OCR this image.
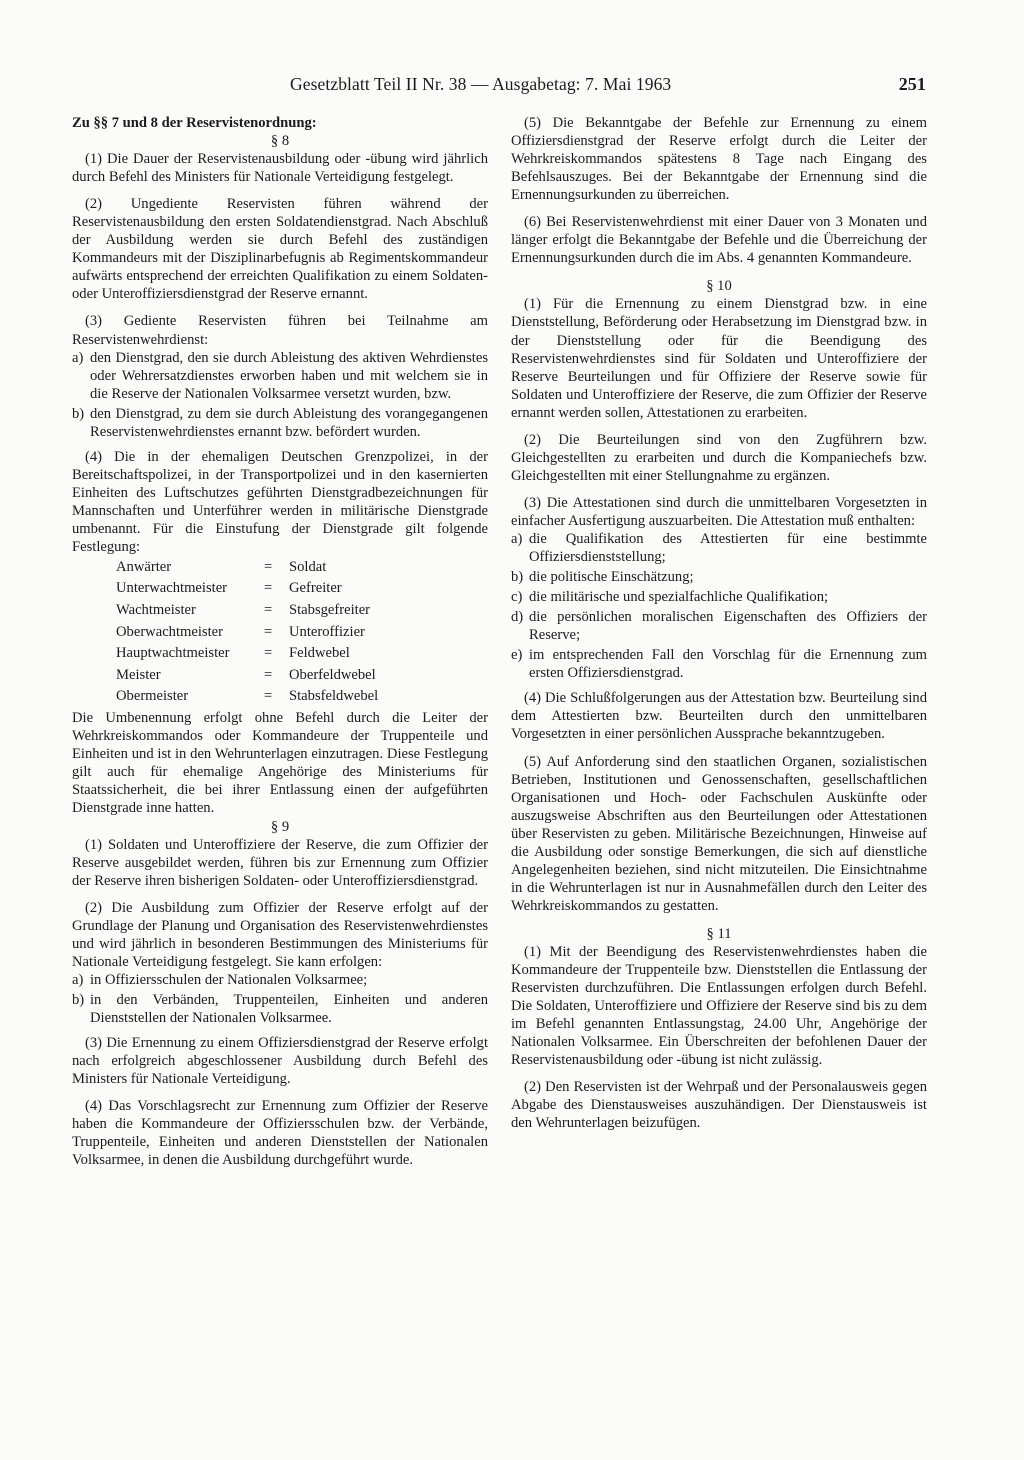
Gesetzblatt Teil II Nr. 38 — Ausgabetag: 7. Mai 1963	251
Zu §§ 7 und 8 der Reservistenordnung:
§ 8

(1) Die Dauer der Reservistenausbildung oder -übung wird jährlich durch Befehl des Ministers für Nationale Verteidigung festgelegt.

(2) Ungediente Reservisten führen während der Reservistenausbildung den ersten Soldatendienstgrad. Nach Abschluß der Ausbildung werden sie durch Befehl des zuständigen Kommandeurs mit der Disziplinarbefugnis ab Regimentskommandeur aufwärts entsprechend der erreichten Qualifikation zu einem Soldaten- oder Unteroffiziersdienstgrad der Reserve ernannt.

(3) Gediente Reservisten führen bei Teilnahme am Reservistenwehrdienst:

a) den Dienstgrad, den sie durch Ableistung des aktiven Wehrdienstes oder Wehrersatzdienstes erworben haben und mit welchem sie in die Reserve der Nationalen Volksarmee versetzt wurden, bzw.
b) den Dienstgrad, zu dem sie durch Ableistung des vorangegangenen Reservistenwehrdienstes ernannt bzw. befördert wurden.

(4) Die in der ehemaligen Deutschen Grenzpolizei, in der Bereitschaftspolizei, in der Transportpolizei und in den kasernierten Einheiten des Luftschutzes geführten Dienstgradbezeichnungen für Mannschaften und Unterführer werden in militärische Dienstgrade umbenannt. Für die Einstufung der Dienstgrade gilt folgende Festlegung:

Anwärter	=	Soldat
Unterwachtmeister	=	Gefreiter
Wachtmeister	=	Stabsgefreiter
Oberwachtmeister	=	Unteroffizier
Hauptwachtmeister	=	Feldwebel
Meister	=	Oberfeldwebel
Obermeister	=	Stabsfeldwebel

Die Umbenennung erfolgt ohne Befehl durch die Leiter der Wehrkreiskommandos oder Kommandeure der Truppenteile und Einheiten und ist in den Wehrunterlagen einzutragen. Diese Festlegung gilt auch für ehemalige Angehörige des Ministeriums für Staatssicherheit, die bei ihrer Entlassung einen der aufgeführten Dienstgrade inne hatten.

§ 9

(1) Soldaten und Unteroffiziere der Reserve, die zum Offizier der Reserve ausgebildet werden, führen bis zur Ernennung zum Offizier der Reserve ihren bisherigen Soldaten- oder Unteroffiziersdienstgrad.

(2) Die Ausbildung zum Offizier der Reserve erfolgt auf der Grundlage der Planung und Organisation des Reservistenwehrdienstes und wird jährlich in besonderen Bestimmungen des Ministeriums für Nationale Verteidigung festgelegt. Sie kann erfolgen:

a) in Offiziersschulen der Nationalen Volksarmee;
b) in den Verbänden, Truppenteilen, Einheiten und anderen Dienststellen der Nationalen Volksarmee.

(3) Die Ernennung zu einem Offiziersdienstgrad der Reserve erfolgt nach erfolgreich abgeschlossener Ausbildung durch Befehl des Ministers für Nationale Verteidigung.

(4) Das Vorschlagsrecht zur Ernennung zum Offizier der Reserve haben die Kommandeure der Offiziersschulen bzw. der Verbände, Truppenteile, Einheiten und anderen Dienststellen der Nationalen Volksarmee, in denen die Ausbildung durchgeführt wurde.

(5) Die Bekanntgabe der Befehle zur Ernennung zu einem Offiziersdienstgrad der Reserve erfolgt durch die Leiter der Wehrkreiskommandos spätestens 8 Tage nach Eingang des Befehlsauszuges. Bei der Bekanntgabe der Ernennung sind die Ernennungsurkunden zu überreichen.

(6) Bei Reservistenwehrdienst mit einer Dauer von 3 Monaten und länger erfolgt die Bekanntgabe der Befehle und die Überreichung der Ernennungsurkunden durch die im Abs. 4 genannten Kommandeure.

§ 10

(1) Für die Ernennung zu einem Dienstgrad bzw. in eine Dienststellung, Beförderung oder Herabsetzung im Dienstgrad bzw. in der Dienststellung oder für die Beendigung des Reservistenwehrdienstes sind für Soldaten und Unteroffiziere der Reserve Beurteilungen und für Offiziere der Reserve sowie für Soldaten und Unteroffiziere der Reserve, die zum Offizier der Reserve ernannt werden sollen, Attestationen zu erarbeiten.

(2) Die Beurteilungen sind von den Zugführern bzw. Gleichgestellten zu erarbeiten und durch die Kompaniechefs bzw. Gleichgestellten mit einer Stellungnahme zu ergänzen.

(3) Die Attestationen sind durch die unmittelbaren Vorgesetzten in einfacher Ausfertigung auszuarbeiten. Die Attestation muß enthalten:

a) die Qualifikation des Attestierten für eine bestimmte Offiziersdienststellung;
b) die politische Einschätzung;
c) die militärische und spezialfachliche Qualifikation;
d) die persönlichen moralischen Eigenschaften des Offiziers der Reserve;
e) im entsprechenden Fall den Vorschlag für die Ernennung zum ersten Offiziersdienstgrad.

(4) Die Schlußfolgerungen aus der Attestation bzw. Beurteilung sind dem Attestierten bzw. Beurteilten durch den unmittelbaren Vorgesetzten in einer persönlichen Aussprache bekanntzugeben.

(5) Auf Anforderung sind den staatlichen Organen, sozialistischen Betrieben, Institutionen und Genossenschaften, gesellschaftlichen Organisationen und Hoch- oder Fachschulen Auskünfte oder auszugsweise Abschriften aus den Beurteilungen oder Attestationen über Reservisten zu geben. Militärische Bezeichnungen, Hinweise auf die Ausbildung oder sonstige Bemerkungen, die sich auf dienstliche Angelegenheiten beziehen, sind nicht mitzuteilen. Die Einsichtnahme in die Wehrunterlagen ist nur in Ausnahmefällen durch den Leiter des Wehrkreiskommandos zu gestatten.

§ 11

(1) Mit der Beendigung des Reservistenwehrdienstes haben die Kommandeure der Truppenteile bzw. Dienststellen die Entlassung der Reservisten durchzuführen. Die Entlassungen erfolgen durch Befehl. Die Soldaten, Unteroffiziere und Offiziere der Reserve sind bis zu dem im Befehl genannten Entlassungstag, 24.00 Uhr, Angehörige der Nationalen Volksarmee. Ein Überschreiten der befohlenen Dauer der Reservistenausbildung oder -übung ist nicht zulässig.

(2) Den Reservisten ist der Wehrpaß und der Personalausweis gegen Abgabe des Dienstausweises auszuhändigen. Der Dienstausweis ist den Wehrunterlagen beizufügen.
